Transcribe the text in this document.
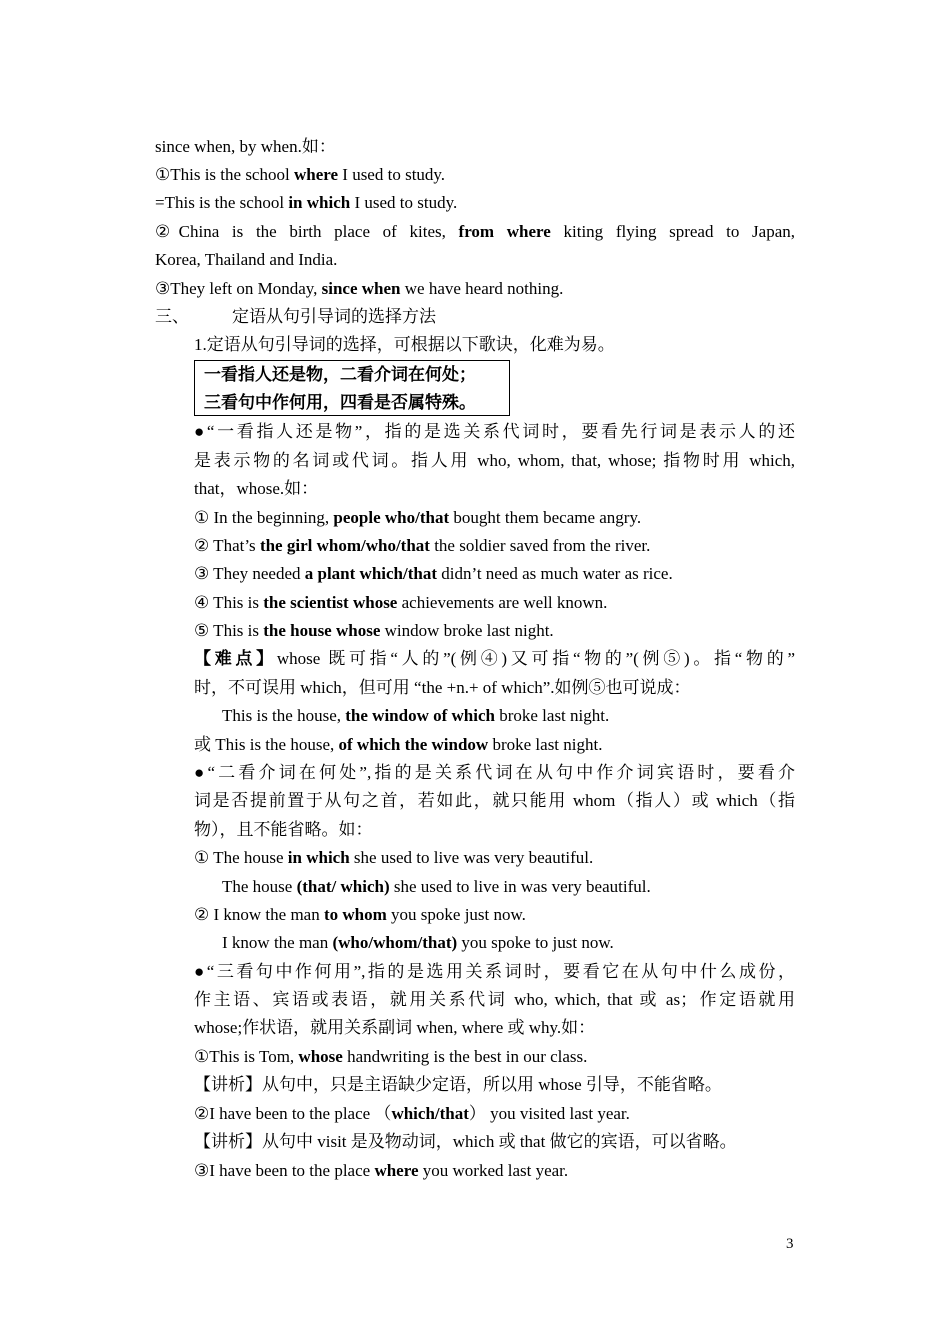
since when, by when.如：
①This is the school where I used to study.
=This is the school in which I used to study.
②China is the birth place of kites, from where kiting flying spread to Japan,
Korea, Thailand and India.
③They left on Monday, since when we have heard nothing.
三、	定语从句引导词的选择方法
1.定语从句引导词的选择，可根据以下歌诀，化难为易。
一看指人还是物，二看介词在何处；
三看句中作何用，四看是否属特殊。
●“一看指人还是物”，指的是选关系代词时，要看先行词是表示人的还
是表示物的名词或代词。指人用 who, whom, that, whose; 指物时用 which,
that，whose.如：
① In the beginning, people who/that bought them became angry.
② That’s the girl whom/who/that the soldier saved from the river.
③ They needed a plant which/that didn’t need as much water as rice.
④ This is the scientist whose achievements are well known.
⑤ This is the house whose window broke last night.
【难点】whose 既可指“人的”(例④)又可指“物的”(例⑤)。指“物的”
时，不可误用 which，但可用 “the +n.+ of which”.如例⑤也可说成：
This is the house, the window of which broke last night.
或 This is the house, of which the window broke last night.
●“二看介词在何处”,指的是关系代词在从句中作介词宾语时，要看介
词是否提前置于从句之首，若如此，就只能用 whom（指人）或 which（指
物），且不能省略。如：
① The house in which she used to live was very beautiful.
The house (that/ which) she used to live in was very beautiful.
② I know the man to whom you spoke just now.
I know the man (who/whom/that) you spoke to just now.
●“三看句中作何用”,指的是选用关系词时，要看它在从句中什么成份，
作主语、宾语或表语，就用关系代词 who, which, that 或 as；作定语就用
whose;作状语，就用关系副词 when, where 或 why.如：
①This is Tom, whose handwriting is the best in our class.
【讲析】从句中，只是主语缺少定语，所以用 whose 引导，不能省略。
②I have been to the place （which/that） you visited last year.
【讲析】从句中 visit 是及物动词，which 或 that 做它的宾语，可以省略。
③I have been to the place where you worked last year.
3
